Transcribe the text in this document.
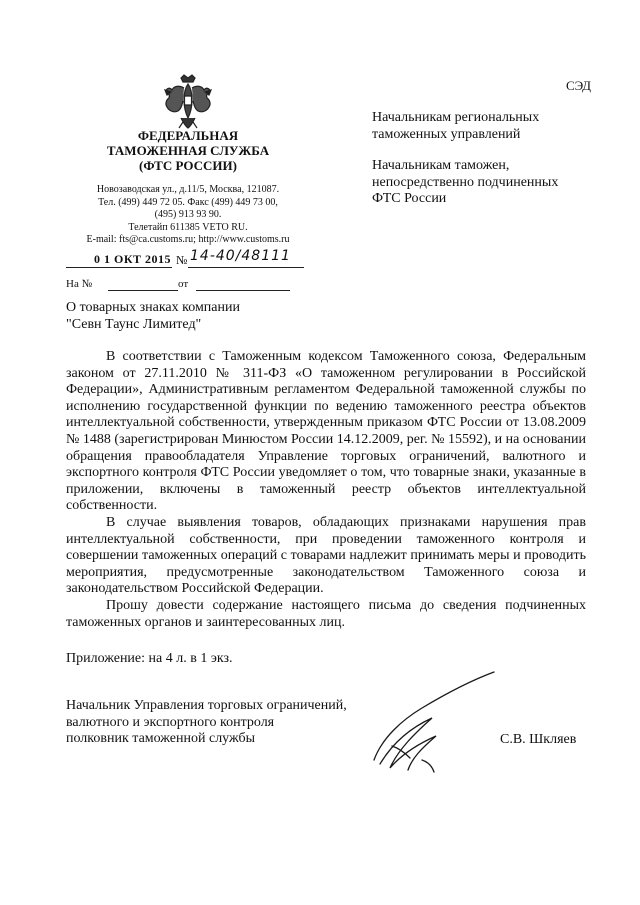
СЭД
ФЕДЕРАЛЬНАЯ
ТАМОЖЕННАЯ СЛУЖБА
(ФТС РОССИИ)
Новозаводская ул., д.11/5, Москва, 121087.
Тел. (499) 449 72 05. Факс (499) 449 73 00,
(495) 913 93 90.
Телетайп 611385 VETO RU.
E-mail: fts@ca.customs.ru; http://www.customs.ru
0 1 ОКТ 2015 № 14-40/48111
На №	от
Начальникам региональных
таможенных управлений
Начальникам таможен,
непосредственно подчиненных
ФТС России
О товарных знаках компании
"Севн Таунс Лимитед"

В соответствии с Таможенным кодексом Таможенного союза, Федеральным законом от 27.11.2010 № 311-ФЗ «О таможенном регулировании в Российской Федерации», Административным регламентом Федеральной таможенной службы по исполнению государственной функции по ведению таможенного реестра объектов интеллектуальной собственности, утвержденным приказом ФТС России от 13.08.2009 № 1488 (зарегистрирован Минюстом России 14.12.2009, рег. № 15592), и на основании обращения правообладателя Управление торговых ограничений, валютного и экспортного контроля ФТС России уведомляет о том, что товарные знаки, указанные в приложении, включены в таможенный реестр объектов интеллектуальной собственности.

В случае выявления товаров, обладающих признаками нарушения прав интеллектуальной собственности, при проведении таможенного контроля и совершении таможенных операций с товарами надлежит принимать меры и проводить мероприятия, предусмотренные законодательством Таможенного союза и законодательством Российской Федерации.

Прошу довести содержание настоящего письма до сведения подчиненных таможенных органов и заинтересованных лиц.

Приложение: на 4 л. в 1 экз.
Начальник Управления торговых ограничений,
валютного и экспортного контроля
полковник таможенной службы	С.В. Шкляев
